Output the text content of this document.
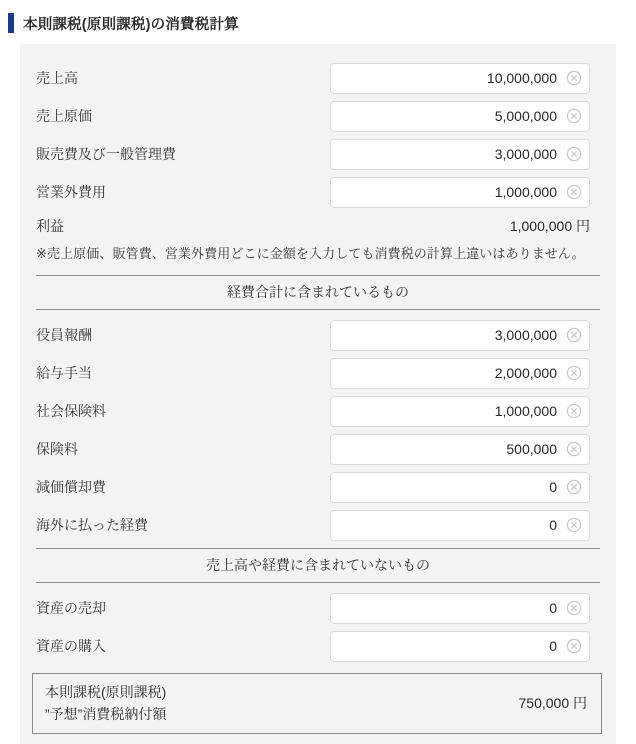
本則課税(原則課税)の消費税計算
売上高
10,000,000
売上原価
5,000,000
販売費及び一般管理費
3,000,000
営業外費用
1,000,000
利益	1,000,000 円
※売上原価、販管費、営業外費用どこに金額を入力しても消費税の計算上違いはありません。
経費合計に含まれているもの
役員報酬
3,000,000
給与手当
2,000,000
社会保険料
1,000,000
保険料
500,000
減価償却費
0
海外に払った経費
0
売上高や経費に含まれていないもの
資産の売却
0
資産の購入
0
本則課税(原則課税)
”予想”消費税納付額
750,000 円
